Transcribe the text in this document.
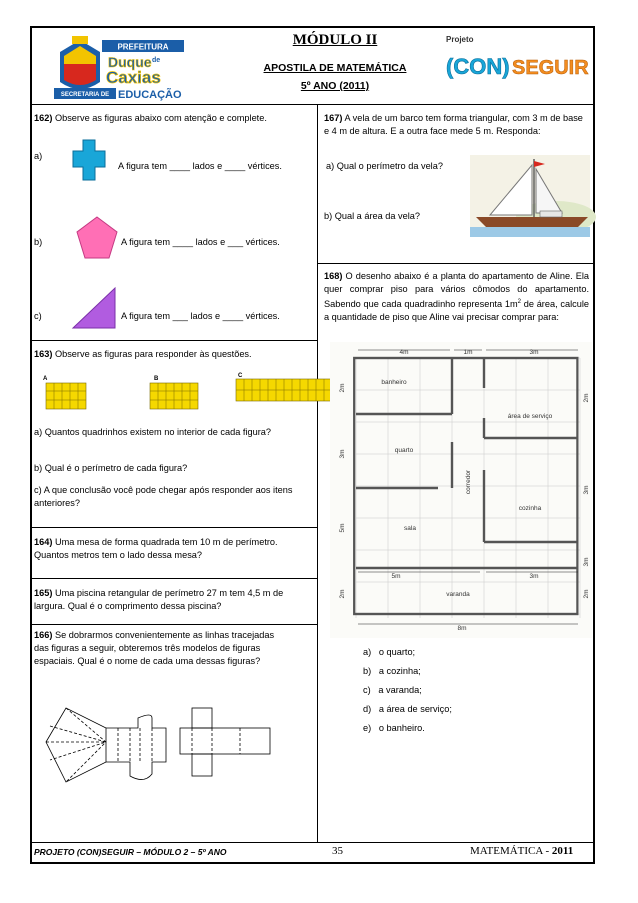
PREFEITURA
Duque de
Caxias
SECRETARIA DE EDUCAÇÃO
MÓDULO II
APOSTILA DE MATEMÁTICA
5º ANO (2011)
Projeto
(CON) SEGUIR
CON)SEGUIR
162) Observe as figuras abaixo com atenção e complete.
a)
A figura tem ____ lados e ____ vértices.
b)	A figura tem ____ lados e ___ vértices.
c)	A figura tem ___ lados e ____ vértices.
163) Observe as figuras para responder às questões.
A	B	C
a) Quantos quadrinhos existem no interior de cada figura?
b) Qual é o perímetro de cada figura?
c) A que conclusão você pode chegar após responder aos itens anteriores?
164) Uma mesa de forma quadrada tem 10 m de perímetro. Quantos metros tem o lado dessa mesa?
165) Uma piscina retangular de perímetro 27 m tem 4,5 m de largura. Qual é o comprimento dessa piscina?
166) Se dobrarmos convenientemente as linhas tracejadas das figuras a seguir, obteremos três modelos de figuras espaciais. Qual é o nome de cada uma dessas figuras?
167) A vela de um barco tem forma triangular, com 3 m de base e 4 m de altura. E a outra face mede 5 m. Responda:
a) Qual o perímetro da vela?
b) Qual a área da vela?
168) O desenho abaixo é a planta do apartamento de Aline. Ela quer comprar piso para vários cômodos do apartamento. Sabendo que cada quadradinho representa $1m^2$ de área, calcule a quantidade de piso que Aline vai precisar comprar para:
banheiro
área de serviço
quarto
corredor
cozinha
sala
varanda
4m	1m	3m
2m
2m
3m
3m
5m
5m	3m
2m	2m
3m
8m
a) o quarto;
b) a cozinha;
c) a varanda;
d) a área de serviço;
e) o banheiro.
PROJETO (CON)SEGUIR – MÓDULO 2 – 5º ANO	35	MATEMÁTICA - 2011
